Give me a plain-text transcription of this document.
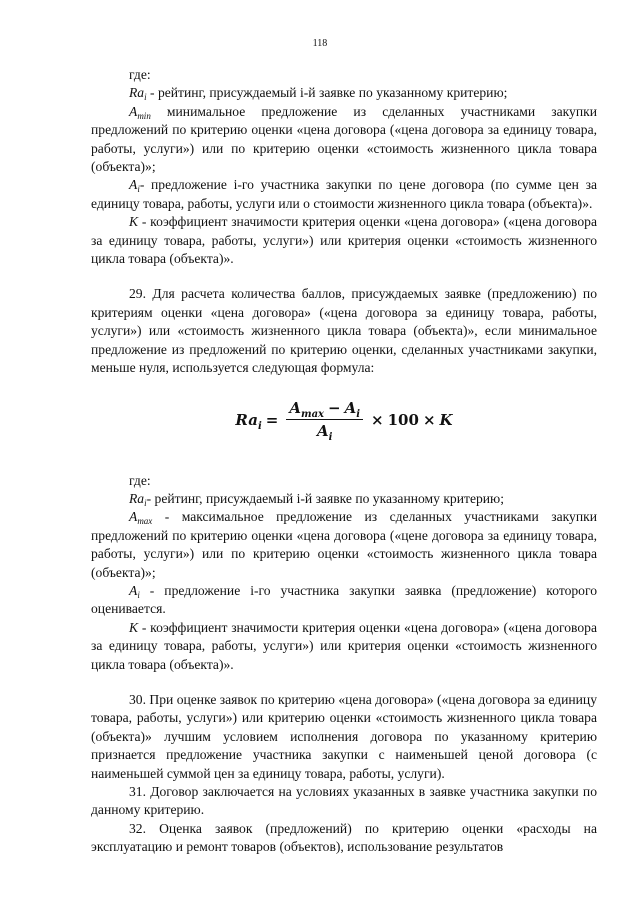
118

где:

$Ra_i$ - рейтинг, присуждаемый i-й заявке по указанному критерию;

$A_{min}$ минимальное предложение из сделанных участниками закупки предложений по критерию оценки «цена договора («цена договора за единицу товара, работы, услуги») или по критерию оценки «стоимость жизненного цикла товара (объекта)»;

$A_i-$ предложение i-го участника закупки по цене договора (по сумме цен за единицу товара, работы, услуги или о стоимости жизненного цикла товара (объекта)».

К - коэффициент значимости критерия оценки «цена договора» («цена договора за единицу товара, работы, услуги») или критерия оценки «стоимость жизненного цикла товара (объекта)».

29. Для расчета количества баллов, присуждаемых заявке (предложению) по критериям оценки «цена договора» («цена договора за единицу товара, работы, услуги») или «стоимость жизненного цикла товара (объекта)», если минимальное предложение из предложений по критерию оценки, сделанных участниками закупки, меньше нуля, используется следующая формула:

$Ra_i = \frac{A_{max} - A_i}{A_i} \times 100 \times K$

где:

$Ra_i-$ рейтинг, присуждаемый i-й заявке по указанному критерию;

$A_{max}$ - максимальное предложение из сделанных участниками закупки предложений по критерию оценки «цена договора («цене договора за единицу товара, работы, услуги») или по критерию оценки «стоимость жизненного цикла товара (объекта)»;

$A_i$ - предложение i-го участника закупки заявка (предложение) которого оценивается.

К - коэффициент значимости критерия оценки «цена договора» («цена договора за единицу товара, работы, услуги») или критерия оценки «стоимость жизненного цикла товара (объекта)».

30. При оценке заявок по критерию «цена договора» («цена договора за единицу товара, работы, услуги») или критерию оценки «стоимость жизненного цикла товара (объекта)» лучшим условием исполнения договора по указанному критерию признается предложение участника закупки с наименьшей ценой договора (с наименьшей суммой цен за единицу товара, работы, услуги).

31. Договор заключается на условиях указанных в заявке участника закупки по данному критерию.

32. Оценка заявок (предложений) по критерию оценки «расходы на эксплуатацию и ремонт товаров (объектов), использование результатов
